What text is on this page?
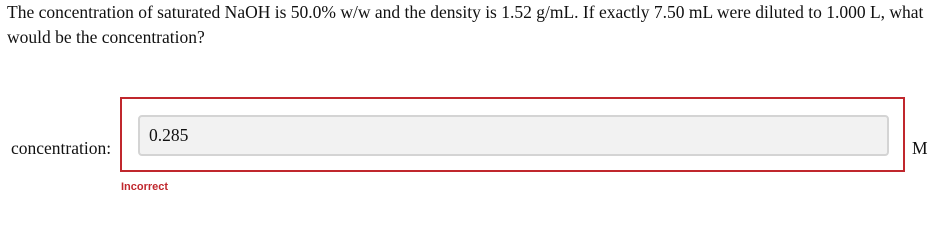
The concentration of saturated NaOH is 50.0% w/w and the density is 1.52 g/mL. If exactly 7.50 mL were diluted to 1.000 L, what would be the concentration?

concentration:
0.285	M
Incorrect
